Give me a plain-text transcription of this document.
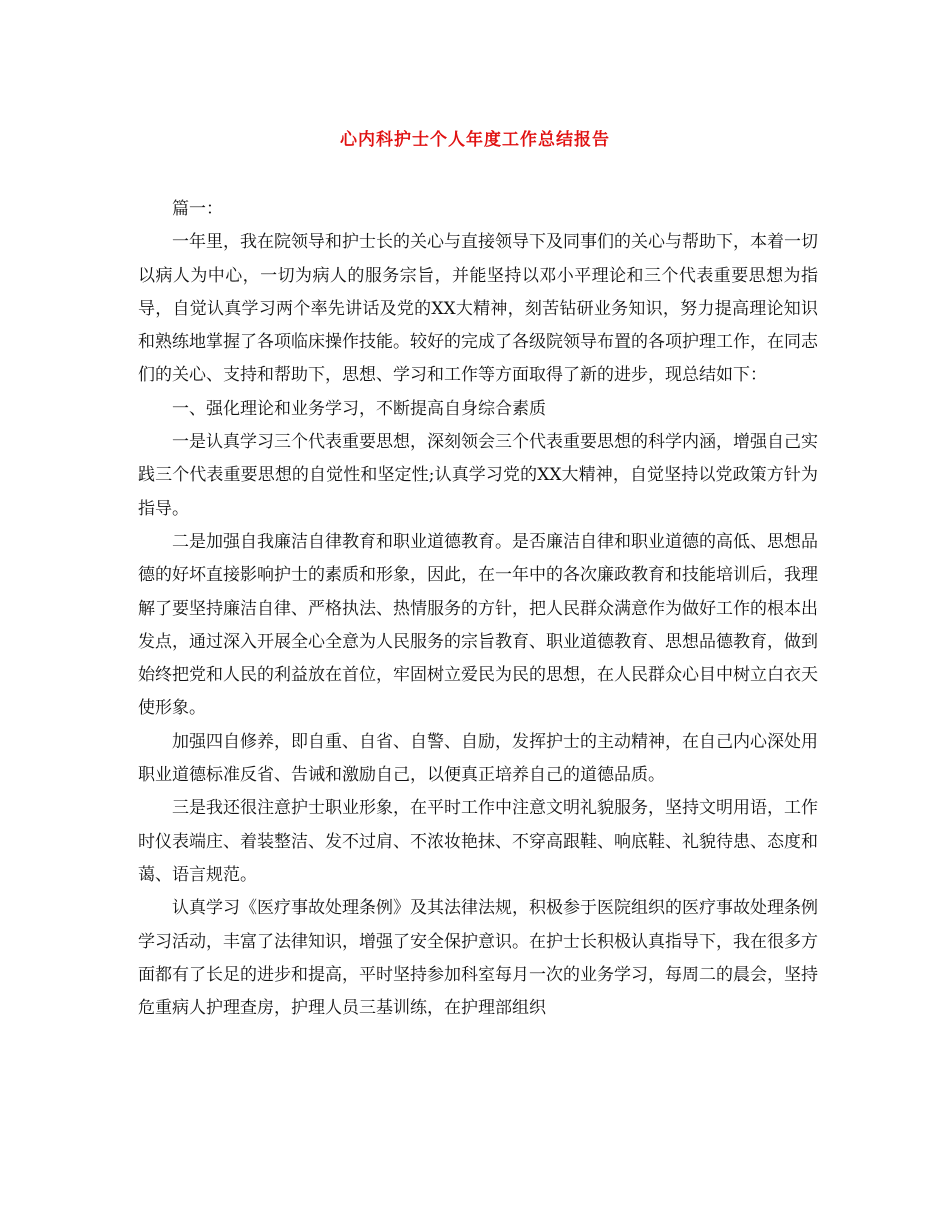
心内科护士个人年度工作总结报告

篇一：

一年里，我在院领导和护士长的关心与直接领导下及同事们的关心与帮助下，本着一切以病人为中心，一切为病人的服务宗旨，并能坚持以邓小平理论和三个代表重要思想为指导，自觉认真学习两个率先讲话及党的XX大精神，刻苦钻研业务知识，努力提高理论知识和熟练地掌握了各项临床操作技能。较好的完成了各级院领导布置的各项护理工作，在同志们的关心、支持和帮助下，思想、学习和工作等方面取得了新的进步，现总结如下：

一、强化理论和业务学习，不断提高自身综合素质

一是认真学习三个代表重要思想，深刻领会三个代表重要思想的科学内涵，增强自己实践三个代表重要思想的自觉性和坚定性;认真学习党的XX大精神，自觉坚持以党政策方针为指导。

二是加强自我廉洁自律教育和职业道德教育。是否廉洁自律和职业道德的高低、思想品德的好坏直接影响护士的素质和形象，因此，在一年中的各次廉政教育和技能培训后，我理解了要坚持廉洁自律、严格执法、热情服务的方针，把人民群众满意作为做好工作的根本出发点，通过深入开展全心全意为人民服务的宗旨教育、职业道德教育、思想品德教育，做到始终把党和人民的利益放在首位，牢固树立爱民为民的思想，在人民群众心目中树立白衣天使形象。

加强四自修养，即自重、自省、自警、自励，发挥护士的主动精神，在自己内心深处用职业道德标准反省、告诫和激励自己，以便真正培养自己的道德品质。

三是我还很注意护士职业形象，在平时工作中注意文明礼貌服务，坚持文明用语，工作时仪表端庄、着装整洁、发不过肩、不浓妆艳抹、不穿高跟鞋、响底鞋、礼貌待患、态度和蔼、语言规范。

认真学习《医疗事故处理条例》及其法律法规，积极参于医院组织的医疗事故处理条例学习活动，丰富了法律知识，增强了安全保护意识。在护士长积极认真指导下，我在很多方面都有了长足的进步和提高，平时坚持参加科室每月一次的业务学习，每周二的晨会，坚持危重病人护理查房，护理人员三基训练，在护理部组织
